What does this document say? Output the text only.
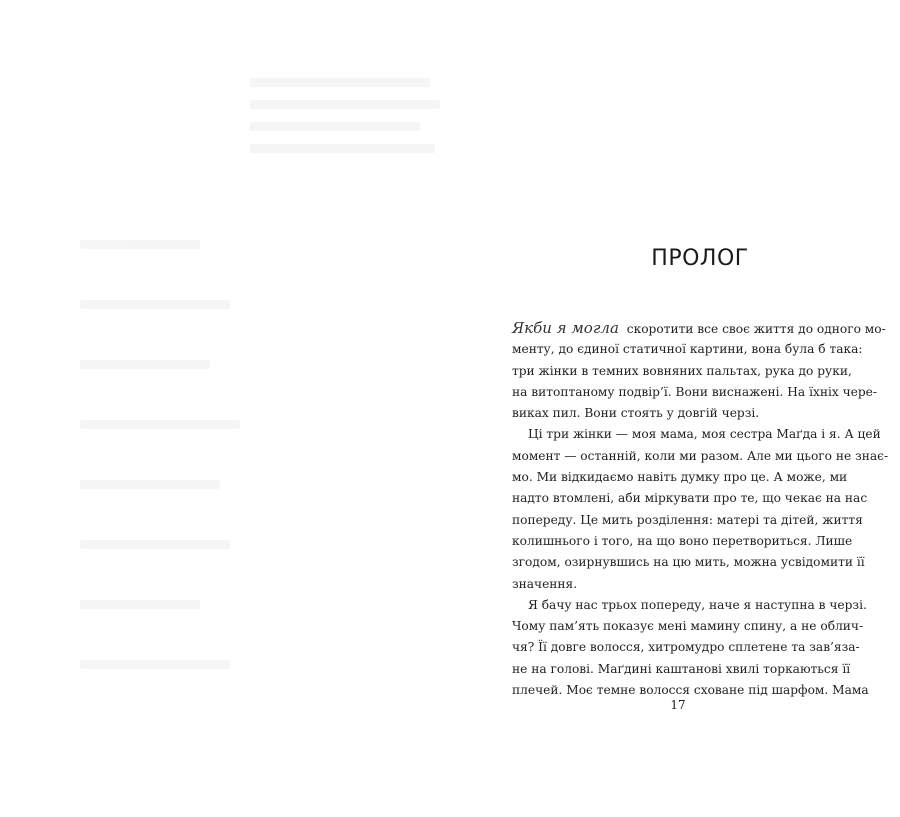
ПРОЛОГ
Якби я могла скоротити все своє життя до одного мо-
менту, до єдиної статичної картини, вона була б така:
три жінки в темних вовняних пальтах, рука до руки,
на витоптаному подвір’ї. Вони виснажені. На їхніх чере-
виках пил. Вони стоять у довгій черзі.
Ці три жінки — моя мама, моя сестра Маґда і я. А цей
момент — останній, коли ми разом. Але ми цього не знає-
мо. Ми відкидаємо навіть думку про це. А може, ми
надто втомлені, аби міркувати про те, що чекає на нас
попереду. Це мить розділення: матері та дітей, життя
колишнього і того, на що воно перетвориться. Лише
згодом, озирнувшись на цю мить, можна усвідомити її
значення.
Я бачу нас трьох попереду, наче я наступна в черзі.
Чому пам’ять показує мені мамину спину, а не облич-
чя? Її довге волосся, хитромудро сплетене та зав’яза-
не на голові. Маґдині каштанові хвилі торкаються її
плечей. Моє темне волосся сховане під шарфом. Мама
17
